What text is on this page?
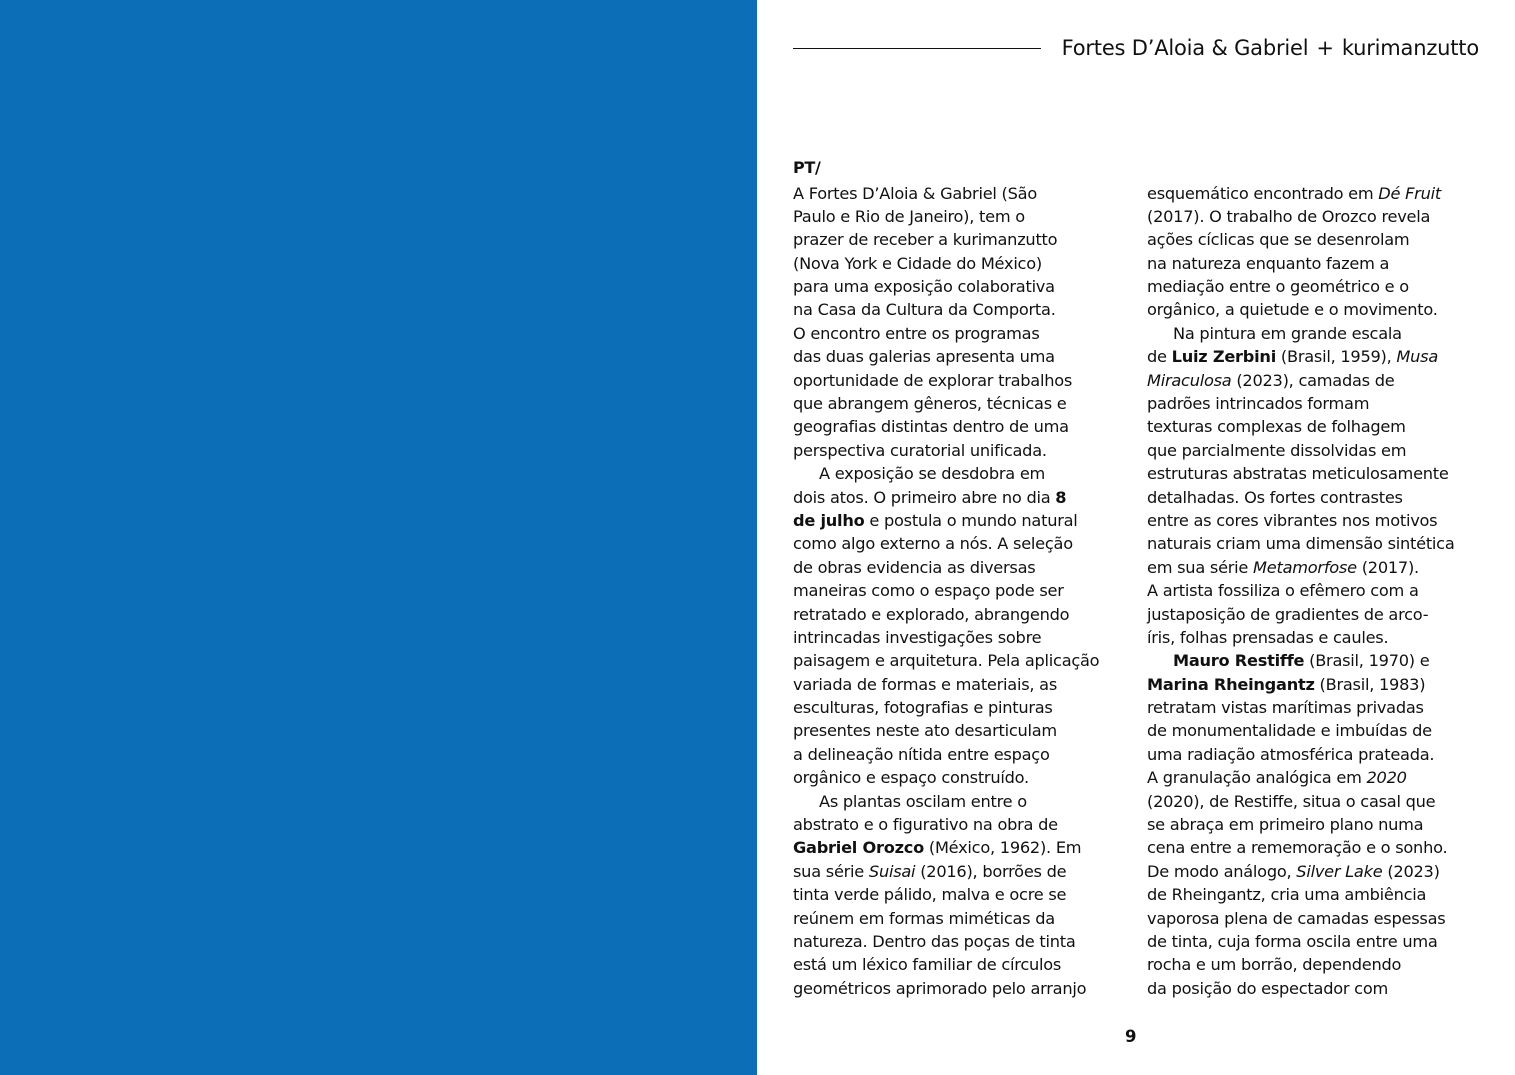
Fortes D’Aloia & Gabriel + kurimanzutto
PT/
A Fortes D’Aloia & Gabriel (São
Paulo e Rio de Janeiro), tem o
prazer de receber a kurimanzutto
(Nova York e Cidade do México)
para uma exposição colaborativa
na Casa da Cultura da Comporta.
O encontro entre os programas
das duas galerias apresenta uma
oportunidade de explorar trabalhos
que abrangem gêneros, técnicas e
geografias distintas dentro de uma
perspectiva curatorial unificada.
A exposição se desdobra em
dois atos. O primeiro abre no dia 8
de julho e postula o mundo natural
como algo externo a nós. A seleção
de obras evidencia as diversas
maneiras como o espaço pode ser
retratado e explorado, abrangendo
intrincadas investigações sobre
paisagem e arquitetura. Pela aplicação
variada de formas e materiais, as
esculturas, fotografias e pinturas
presentes neste ato desarticulam
a delineação nítida entre espaço
orgânico e espaço construído.
As plantas oscilam entre o
abstrato e o figurativo na obra de
Gabriel Orozco (México, 1962). Em
sua série Suisai (2016), borrões de
tinta verde pálido, malva e ocre se
reúnem em formas miméticas da
natureza. Dentro das poças de tinta
está um léxico familiar de círculos
geométricos aprimorado pelo arranjo
esquemático encontrado em Dé Fruit
(2017). O trabalho de Orozco revela
ações cíclicas que se desenrolam
na natureza enquanto fazem a
mediação entre o geométrico e o
orgânico, a quietude e o movimento.
Na pintura em grande escala
de Luiz Zerbini (Brasil, 1959), Musa
Miraculosa (2023), camadas de
padrões intrincados formam
texturas complexas de folhagem
que parcialmente dissolvidas em
estruturas abstratas meticulosamente
detalhadas. Os fortes contrastes
entre as cores vibrantes nos motivos
naturais criam uma dimensão sintética
em sua série Metamorfose (2017).
A artista fossiliza o efêmero com a
justaposição de gradientes de arco-
íris, folhas prensadas e caules.
Mauro Restiffe (Brasil, 1970) e
Marina Rheingantz (Brasil, 1983)
retratam vistas marítimas privadas
de monumentalidade e imbuídas de
uma radiação atmosférica prateada.
A granulação analógica em 2020
(2020), de Restiffe, situa o casal que
se abraça em primeiro plano numa
cena entre a rememoração e o sonho.
De modo análogo, Silver Lake (2023)
de Rheingantz, cria uma ambiência
vaporosa plena de camadas espessas
de tinta, cuja forma oscila entre uma
rocha e um borrão, dependendo
da posição do espectador com
9
